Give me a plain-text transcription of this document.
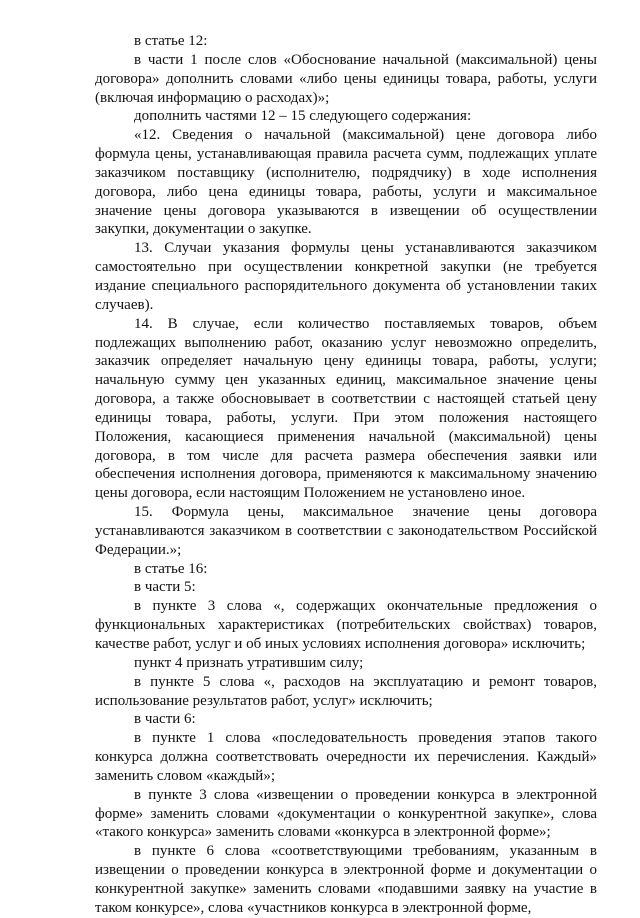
в статье 12:

в части 1 после слов «Обоснование начальной (максимальной) цены договора» дополнить словами «либо цены единицы товара, работы, услуги (включая информацию о расходах)»;

дополнить частями 12 – 15 следующего содержания:

«12. Сведения о начальной (максимальной) цене договора либо формула цены, устанавливающая правила расчета сумм, подлежащих уплате заказчиком поставщику (исполнителю, подрядчику) в ходе исполнения договора, либо цена единицы товара, работы, услуги и максимальное значение цены договора указываются в извещении об осуществлении закупки, документации о закупке.

13. Случаи указания формулы цены устанавливаются заказчиком самостоятельно при осуществлении конкретной закупки (не требуется издание специального распорядительного документа об установлении таких случаев).

14. В случае, если количество поставляемых товаров, объем подлежащих выполнению работ, оказанию услуг невозможно определить, заказчик определяет начальную цену единицы товара, работы, услуги; начальную сумму цен указанных единиц, максимальное значение цены договора, а также обосновывает в соответствии с настоящей статьей цену единицы товара, работы, услуги. При этом положения настоящего Положения, касающиеся применения начальной (максимальной) цены договора, в том числе для расчета размера обеспечения заявки или обеспечения исполнения договора, применяются к максимальному значению цены договора, если настоящим Положением не установлено иное.

15. Формула цены, максимальное значение цены договора устанавливаются заказчиком в соответствии с законодательством Российской Федерации.»;

в статье 16:

в части 5:

в пункте 3 слова «, содержащих окончательные предложения о функциональных характеристиках (потребительских свойствах) товаров, качестве работ, услуг и об иных условиях исполнения договора» исключить;

пункт 4 признать утратившим силу;

в пункте 5 слова «, расходов на эксплуатацию и ремонт товаров, использование результатов работ, услуг» исключить;

в части 6:

в пункте 1 слова «последовательность проведения этапов такого конкурса должна соответствовать очередности их перечисления. Каждый» заменить словом «каждый»;

в пункте 3 слова «извещении о проведении конкурса в электронной форме» заменить словами «документации о конкурентной закупке», слова «такого конкурса» заменить словами «конкурса в электронной форме»;

в пункте 6 слова «соответствующими требованиям, указанным в извещении о проведении конкурса в электронной форме и документации о конкурентной закупке» заменить словами «подавшими заявку на участие в таком конкурсе», слова «участников конкурса в электронной форме,
